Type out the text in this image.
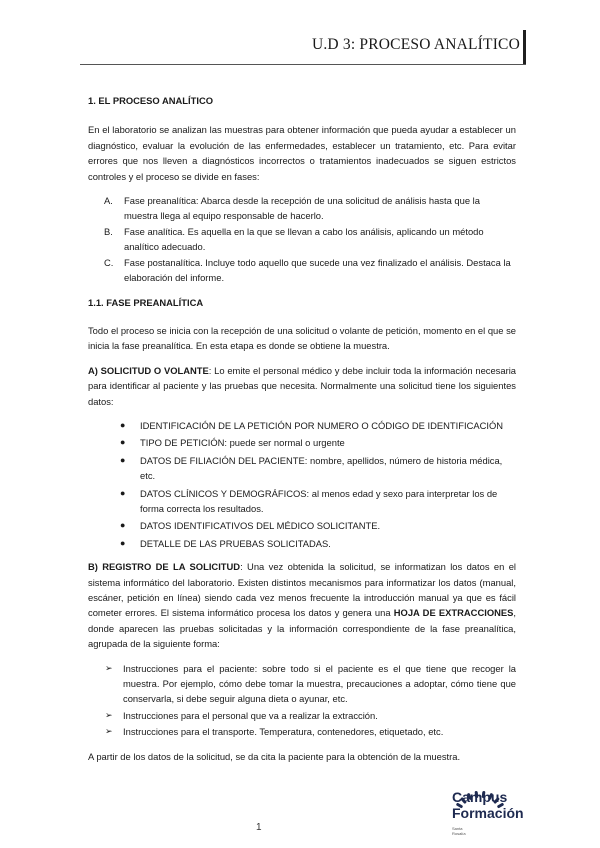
U.D 3: PROCESO ANALÍTICO
1. EL PROCESO ANALÍTICO

En el laboratorio se analizan las muestras para obtener información que pueda ayudar a establecer un diagnóstico, evaluar la evolución de las enfermedades, establecer un tratamiento, etc. Para evitar errores que nos lleven a diagnósticos incorrectos o tratamientos inadecuados se siguen estrictos controles y el proceso se divide en fases:

A.	Fase preanalítica: Abarca desde la recepción de una solicitud de análisis hasta que la muestra llega al equipo responsable de hacerlo.
B.	Fase analítica. Es aquella en la que se llevan a cabo los análisis, aplicando un método analítico adecuado.
C.	Fase postanalítica. Incluye todo aquello que sucede una vez finalizado el análisis. Destaca la elaboración del informe.
1.1. FASE PREANALÍTICA

Todo el proceso se inicia con la recepción de una solicitud o volante de petición, momento en el que se inicia la fase preanalítica. En esta etapa es donde se obtiene la muestra.

A) SOLICITUD O VOLANTE: Lo emite el personal médico y debe incluir toda la información necesaria para identificar al paciente y las pruebas que necesita. Normalmente una solicitud tiene los siguientes datos:

●	IDENTIFICACIÓN DE LA PETICIÓN POR NUMERO O CÓDIGO DE IDENTIFICACIÓN
●	TIPO DE PETICIÓN: puede ser normal o urgente
●	DATOS DE FILIACIÓN DEL PACIENTE: nombre, apellidos, número de historia médica, etc.
●	DATOS CLÍNICOS Y DEMOGRÁFICOS: al menos edad y sexo para interpretar los de forma correcta los resultados.
●	DATOS IDENTIFICATIVOS DEL MÉDICO SOLICITANTE.
●	DETALLE DE LAS PRUEBAS SOLICITADAS.

B) REGISTRO DE LA SOLICITUD: Una vez obtenida la solicitud, se informatizan los datos en el sistema informático del laboratorio. Existen distintos mecanismos para informatizar los datos (manual, escáner, petición en línea) siendo cada vez menos frecuente la introducción manual ya que es fácil cometer errores. El sistema informático procesa los datos y genera una HOJA DE EXTRACCIONES, donde aparecen las pruebas solicitadas y la información correspondiente de la fase preanalítica, agrupada de la siguiente forma:

➢	Instrucciones para el paciente: sobre todo si el paciente es el que tiene que recoger la muestra. Por ejemplo, cómo debe tomar la muestra, precauciones a adoptar, cómo tiene que conservarla, si debe seguir alguna dieta o ayunar, etc.
➢	Instrucciones para el personal que va a realizar la extracción.
➢	Instrucciones para el transporte. Temperatura, contenedores, etiquetado, etc.

A partir de los datos de la solicitud, se da cita la paciente para la obtención de la muestra.

1
Campus
Formación
Santa
Rosalía
